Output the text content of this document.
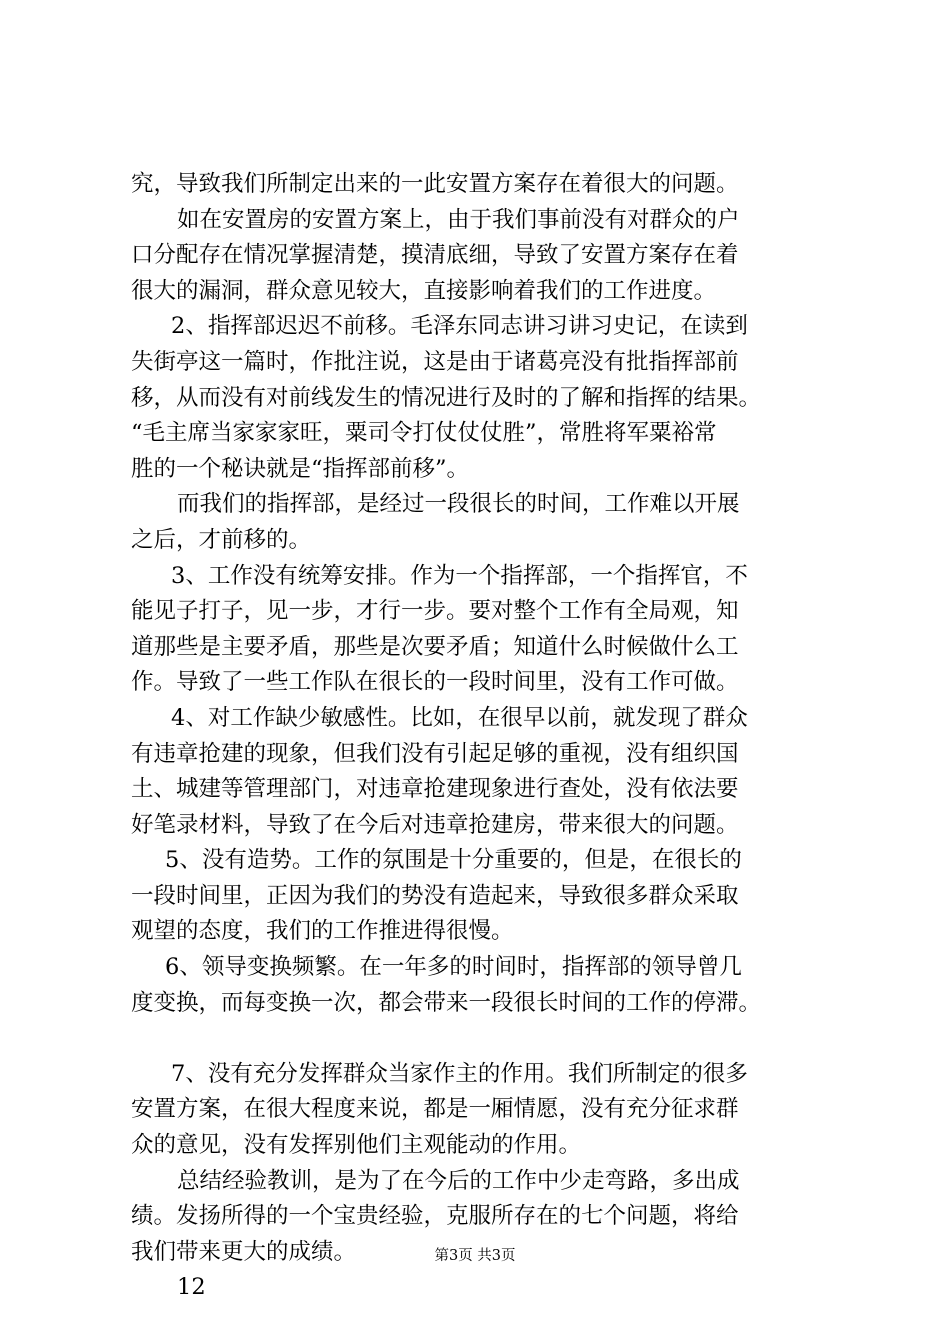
究，导致我们所制定出来的一此安置方案存在着很大的问题。
如在安置房的安置方案上，由于我们事前没有对群众的户
口分配存在情况掌握清楚，摸清底细，导致了安置方案存在着
很大的漏洞，群众意见较大，直接影响着我们的工作进度。
2、指挥部迟迟不前移。毛泽东同志讲习讲习史记，在读到
失街亭这一篇时，作批注说，这是由于诸葛亮没有批指挥部前
移，从而没有对前线发生的情况进行及时的了解和指挥的结果。
“毛主席当家家家旺，粟司令打仗仗仗胜”，常胜将军粟裕常
胜的一个秘诀就是“指挥部前移”。
而我们的指挥部，是经过一段很长的时间，工作难以开展
之后，才前移的。
3、工作没有统筹安排。作为一个指挥部，一个指挥官，不
能见子打子，见一步，才行一步。要对整个工作有全局观，知
道那些是主要矛盾，那些是次要矛盾；知道什么时候做什么工
作。导致了一些工作队在很长的一段时间里，没有工作可做。
4、对工作缺少敏感性。比如，在很早以前，就发现了群众
有违章抢建的现象，但我们没有引起足够的重视，没有组织国
土、城建等管理部门，对违章抢建现象进行查处，没有依法要
好笔录材料，导致了在今后对违章抢建房，带来很大的问题。
5、没有造势。工作的氛围是十分重要的，但是，在很长的
一段时间里，正因为我们的势没有造起来，导致很多群众采取
观望的态度，我们的工作推进得很慢。
6、领导变换频繁。在一年多的时间时，指挥部的领导曾几
度变换，而每变换一次，都会带来一段很长时间的工作的停滞。
7、没有充分发挥群众当家作主的作用。我们所制定的很多
安置方案，在很大程度来说，都是一厢情愿，没有充分征求群
众的意见，没有发挥别他们主观能动的作用。
总结经验教训，是为了在今后的工作中少走弯路，多出成
绩。发扬所得的一个宝贵经验，克服所存在的七个问题，将给
我们带来更大的成绩。
12
第3页 共3页
